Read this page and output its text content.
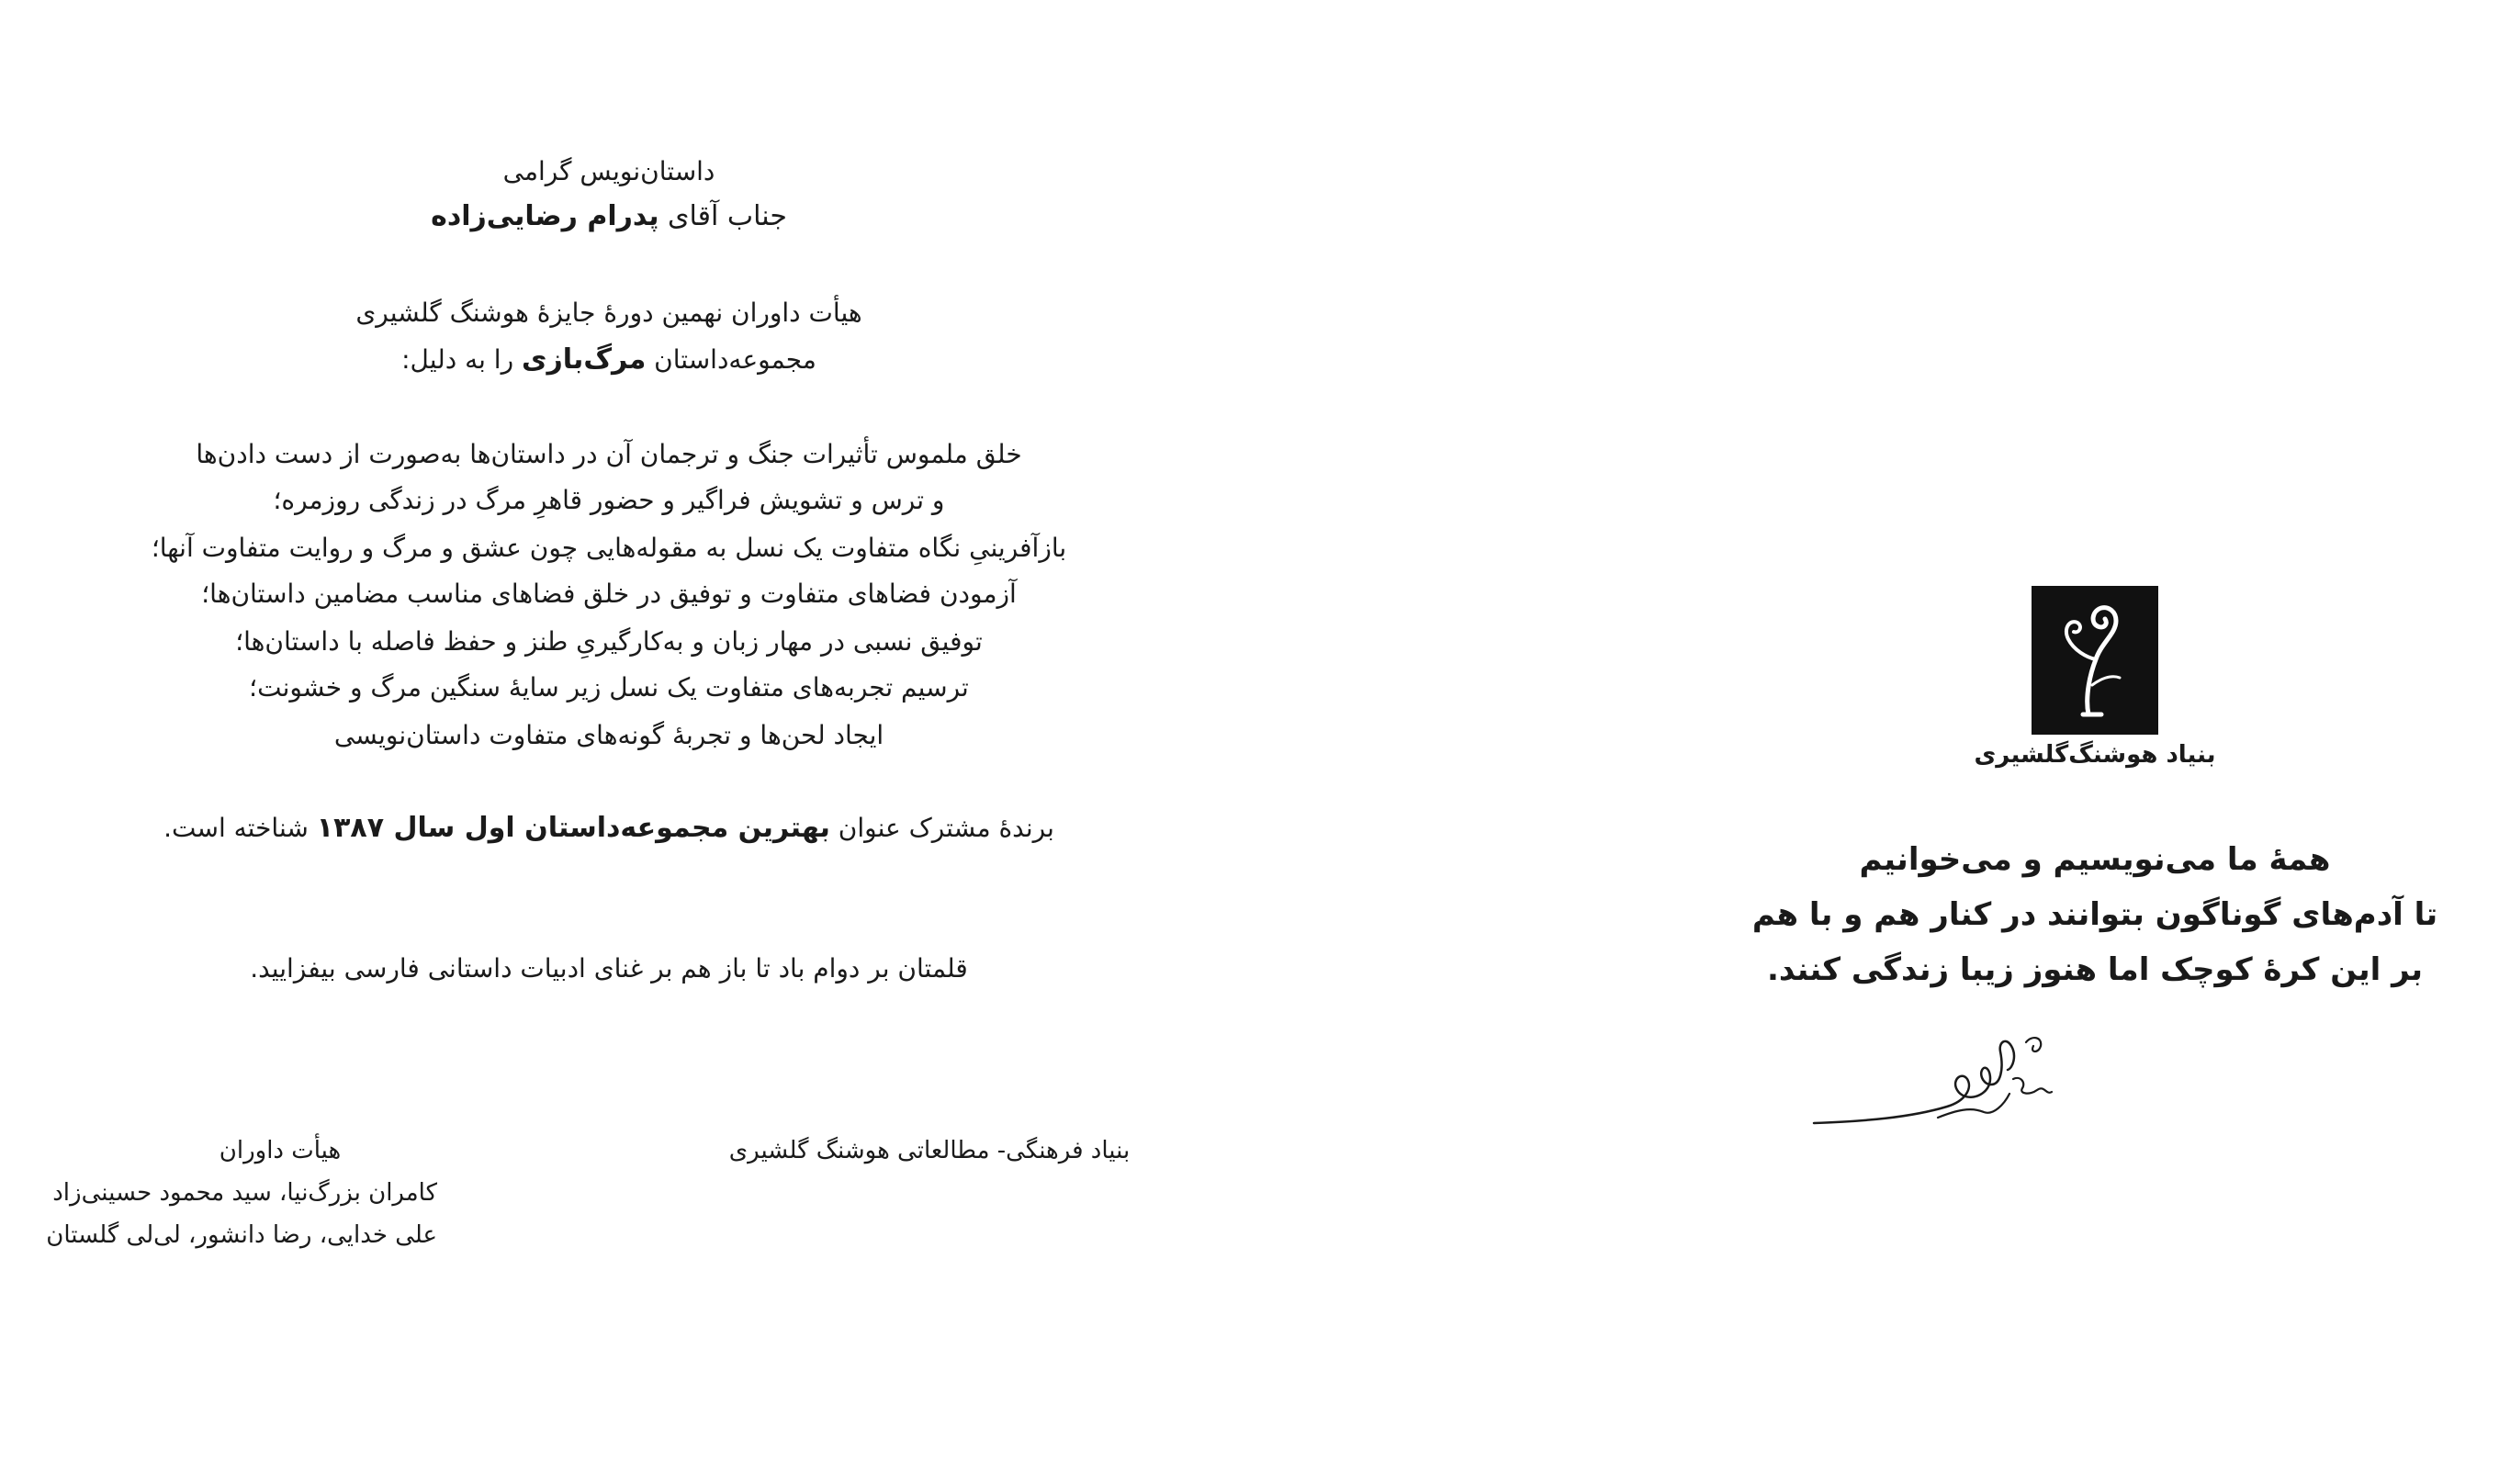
داستان‌نویس گرامی
جناب آقای پدرام رضایی‌زاده
هیأت داوران نهمین دورهٔ جایزهٔ هوشنگ گلشیری
مجموعه‌داستان مرگ‌بازی را به دلیل:
خلق ملموس تأثیرات جنگ و ترجمان آن در داستان‌ها به‌صورت از دست دادن‌ها
و ترس و تشویش فراگیر و حضور قاهرِ مرگ در زندگی روزمره؛
بازآفرینیِ نگاه متفاوت یک نسل به مقوله‌هایی چون عشق و مرگ و روایت متفاوت آنها؛
آزمودن فضاهای متفاوت و توفیق در خلق فضاهای مناسب مضامین داستان‌ها؛
توفیق نسبی در مهار زبان و به‌کارگیریِ طنز و حفظ فاصله با داستان‌ها؛
ترسیم تجربه‌های متفاوت یک نسل زیر سایهٔ سنگین مرگ و خشونت؛
ایجاد لحن‌ها و تجربهٔ گونه‌های متفاوت داستان‌نویسی
برندهٔ مشترک عنوان بهترین مجموعه‌داستان اول سال ۱۳۸۷ شناخته است.
قلمتان بر دوام باد تا باز هم بر غنای ادبیات داستانی فارسی بیفزایید.
بنیاد فرهنگی- مطالعاتی هوشنگ گلشیری
هیأت داوران
کامران بزرگ‌نیا، سید محمود حسینی‌زاد
علی خدایی، رضا دانشور، لی‌لی گلستان
بنیاد هوشنگ‌گلشیری
همهٔ ما می‌نویسیم و می‌خوانیم
تا آدم‌های گوناگون بتوانند در کنار هم و با هم
بر این کرهٔ کوچک اما هنوز زیبا زندگی کنند.
